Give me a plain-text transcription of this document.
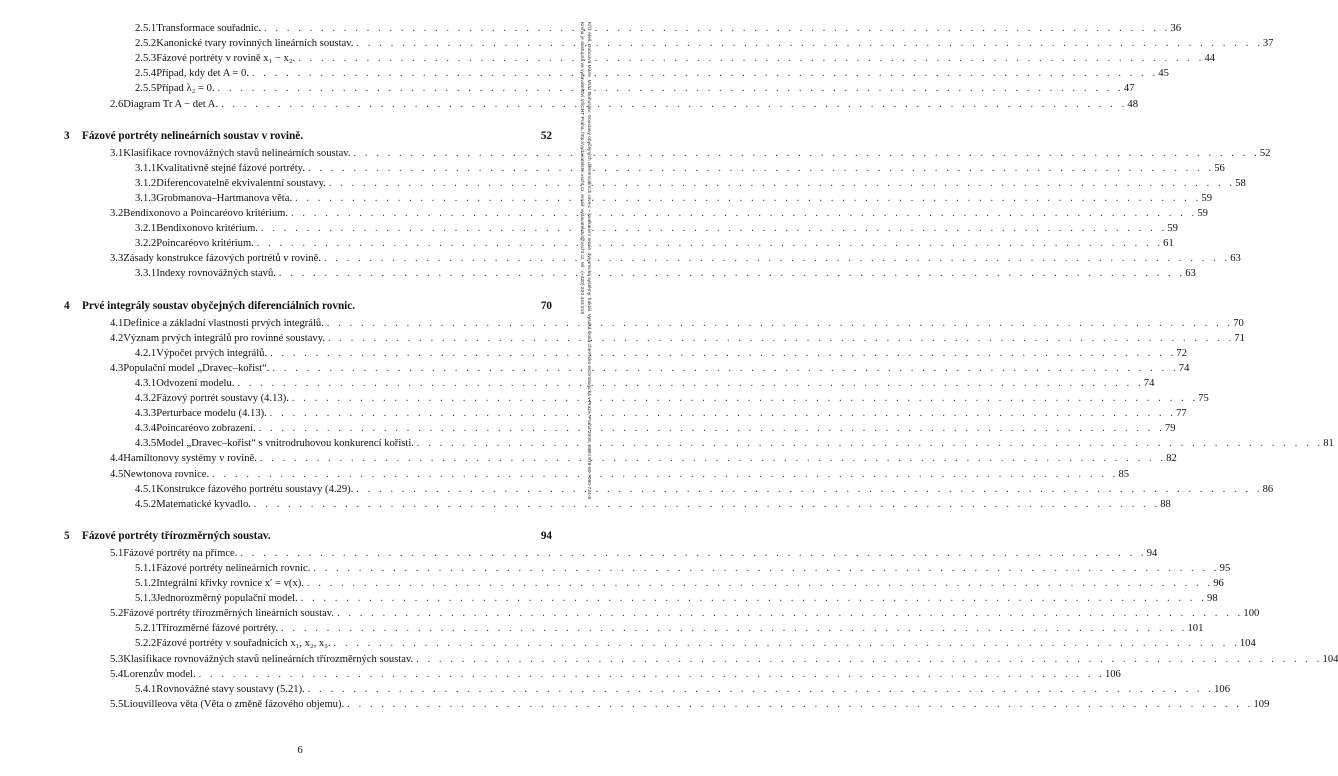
2.5.1 Transformace souřadnic. . . . . . . . . . . . . . . . . . . . . . . . . . . . . . . . . . . . . . . . . . . . . . . . . . . . . . . . . . . . . . . . . . . . . . . . . . . . . . . . . 36
2.5.2 Kanonické tvary rovinných lineárních soustav. . . . . . . . . . . . . . . . . . . . . . . . . . . . . . . . . . . . . . . . . . . . . . . . . . . . . . . . . . . . . . . . . . . . . . . . . . . . . . . . . 37
2.5.3 Fázové portréty v rovině x₁ − x₂. . . . . . . . . . . . . . . . . . . . . . . . . . . . . . . . . . . . . . . . . . . . . . . . . . . . . . . . . . . . . . . . . . . . . . . . . . . . . . . . . 44
2.5.4 Případ, kdy det A = 0. . . . . . . . . . . . . . . . . . . . . . . . . . . . . . . . . . . . . . . . . . . . . . . . . . . . . . . . . . . . . . . . . . . . . . . . . . . . . . . . . 45
2.5.5 Případ λ₂ = 0. . . . . . . . . . . . . . . . . . . . . . . . . . . . . . . . . . . . . . . . . . . . . . . . . . . . . . . . . . . . . . . . . . . . . . . . . . . . . . . . . 47
2.6 Diagram Tr A − det A. . . . . . . . . . . . . . . . . . . . . . . . . . . . . . . . . . . . . . . . . . . . . . . . . . . . . . . . . . . . . . . . . . . . . . . . . . . . . . . . . 48
3	Fázové portréty nelineárních soustav v rovině.	52
3.1 Klasifikace rovnovážných stavů nelineárních soustav. . . . . . . . . . . . . . . . . . . . . . . . . . . . . . . . . . . . . . . . . . . . . . . . . . . . . . . . . . . . . . . . . . . . . . . . . . . . . . . . . 52
3.1.1 Kvalitativně stejné fázové portréty. . . . . . . . . . . . . . . . . . . . . . . . . . . . . . . . . . . . . . . . . . . . . . . . . . . . . . . . . . . . . . . . . . . . . . . . . . . . . . . . . 56
3.1.2 Diferencovatelně ekvivalentní soustavy. . . . . . . . . . . . . . . . . . . . . . . . . . . . . . . . . . . . . . . . . . . . . . . . . . . . . . . . . . . . . . . . . . . . . . . . . . . . . . . . . 58
3.1.3 Grobmanova–Hartmanova věta. . . . . . . . . . . . . . . . . . . . . . . . . . . . . . . . . . . . . . . . . . . . . . . . . . . . . . . . . . . . . . . . . . . . . . . . . . . . . . . . . 59
3.2 Bendixonovo a Poincaréovo kritérium. . . . . . . . . . . . . . . . . . . . . . . . . . . . . . . . . . . . . . . . . . . . . . . . . . . . . . . . . . . . . . . . . . . . . . . . . . . . . . . . . 59
3.2.1 Bendixonovo kritérium. . . . . . . . . . . . . . . . . . . . . . . . . . . . . . . . . . . . . . . . . . . . . . . . . . . . . . . . . . . . . . . . . . . . . . . . . . . . . . . . . 59
3.2.2 Poincaréovo kritérium. . . . . . . . . . . . . . . . . . . . . . . . . . . . . . . . . . . . . . . . . . . . . . . . . . . . . . . . . . . . . . . . . . . . . . . . . . . . . . . . . 61
3.3 Zásady konstrukce fázových portrétů v rovině. . . . . . . . . . . . . . . . . . . . . . . . . . . . . . . . . . . . . . . . . . . . . . . . . . . . . . . . . . . . . . . . . . . . . . . . . . . . . . . . . 63
3.3.1 Indexy rovnovážných stavů. . . . . . . . . . . . . . . . . . . . . . . . . . . . . . . . . . . . . . . . . . . . . . . . . . . . . . . . . . . . . . . . . . . . . . . . . . . . . . . . . 63
4	Prvé integrály soustav obyčejných diferenciálních rovnic.	70
4.1 Definice a základní vlastnosti prvých integrálů. . . . . . . . . . . . . . . . . . . . . . . . . . . . . . . . . . . . . . . . . . . . . . . . . . . . . . . . . . . . . . . . . . . . . . . . . . . . . . . . . 70
4.2 Význam prvých integrálů pro rovinné soustavy. . . . . . . . . . . . . . . . . . . . . . . . . . . . . . . . . . . . . . . . . . . . . . . . . . . . . . . . . . . . . . . . . . . . . . . . . . . . . . . . . 71
4.2.1 Výpočet prvých integrálů. . . . . . . . . . . . . . . . . . . . . . . . . . . . . . . . . . . . . . . . . . . . . . . . . . . . . . . . . . . . . . . . . . . . . . . . . . . . . . . . . 72
4.3 Populační model „Dravec–kořist“. . . . . . . . . . . . . . . . . . . . . . . . . . . . . . . . . . . . . . . . . . . . . . . . . . . . . . . . . . . . . . . . . . . . . . . . . . . . . . . . . 74
4.3.1 Odvození modelu. . . . . . . . . . . . . . . . . . . . . . . . . . . . . . . . . . . . . . . . . . . . . . . . . . . . . . . . . . . . . . . . . . . . . . . . . . . . . . . . . 74
4.3.2 Fázový portrét soustavy (4.13). . . . . . . . . . . . . . . . . . . . . . . . . . . . . . . . . . . . . . . . . . . . . . . . . . . . . . . . . . . . . . . . . . . . . . . . . . . . . . . . . 75
4.3.3 Perturbace modelu (4.13). . . . . . . . . . . . . . . . . . . . . . . . . . . . . . . . . . . . . . . . . . . . . . . . . . . . . . . . . . . . . . . . . . . . . . . . . . . . . . . . . 77
4.3.4 Poincaréovo zobrazení. . . . . . . . . . . . . . . . . . . . . . . . . . . . . . . . . . . . . . . . . . . . . . . . . . . . . . . . . . . . . . . . . . . . . . . . . . . . . . . . . 79
4.3.5 Model „Dravec–kořist“ s vnitrodruhovou konkurencí kořisti. . . . . . . . . . . . . . . . . . . . . . . . . . . . . . . . . . . . . . . . . . . . . . . . . . . . . . . . . . . . . . . . . . . . . . . . . . . . . . . . . 81
4.4 Hamiltonovy systémy v rovině. . . . . . . . . . . . . . . . . . . . . . . . . . . . . . . . . . . . . . . . . . . . . . . . . . . . . . . . . . . . . . . . . . . . . . . . . . . . . . . . . 82
4.5 Newtonova rovnice. . . . . . . . . . . . . . . . . . . . . . . . . . . . . . . . . . . . . . . . . . . . . . . . . . . . . . . . . . . . . . . . . . . . . . . . . . . . . . . . . 85
4.5.1 Konstrukce fázového portrétu soustavy (4.29). . . . . . . . . . . . . . . . . . . . . . . . . . . . . . . . . . . . . . . . . . . . . . . . . . . . . . . . . . . . . . . . . . . . . . . . . . . . . . . . . 86
4.5.2 Matematické kyvadlo. . . . . . . . . . . . . . . . . . . . . . . . . . . . . . . . . . . . . . . . . . . . . . . . . . . . . . . . . . . . . . . . . . . . . . . . . . . . . . . . . 88
5	Fázové portréty třírozměrných soustav.	94
5.1 Fázové portréty na přímce. . . . . . . . . . . . . . . . . . . . . . . . . . . . . . . . . . . . . . . . . . . . . . . . . . . . . . . . . . . . . . . . . . . . . . . . . . . . . . . . . 94
5.1.1 Fázové portréty nelineárních rovnic. . . . . . . . . . . . . . . . . . . . . . . . . . . . . . . . . . . . . . . . . . . . . . . . . . . . . . . . . . . . . . . . . . . . . . . . . . . . . . . . . 95
5.1.2 Integrální křivky rovnice x′ = v(x). . . . . . . . . . . . . . . . . . . . . . . . . . . . . . . . . . . . . . . . . . . . . . . . . . . . . . . . . . . . . . . . . . . . . . . . . . . . . . . . . 96
5.1.3 Jednorozměrný populační model. . . . . . . . . . . . . . . . . . . . . . . . . . . . . . . . . . . . . . . . . . . . . . . . . . . . . . . . . . . . . . . . . . . . . . . . . . . . . . . . . 98
5.2 Fázové portréty třírozměrných lineárních soustav. . . . . . . . . . . . . . . . . . . . . . . . . . . . . . . . . . . . . . . . . . . . . . . . . . . . . . . . . . . . . . . . . . . . . . . . . . . . . . . . . 100
5.2.1 Třírozměrné fázové portréty. . . . . . . . . . . . . . . . . . . . . . . . . . . . . . . . . . . . . . . . . . . . . . . . . . . . . . . . . . . . . . . . . . . . . . . . . . . . . . . . . 101
5.2.2 Fázové portréty v souřadnicích x₁, x₂, x₃. . . . . . . . . . . . . . . . . . . . . . . . . . . . . . . . . . . . . . . . . . . . . . . . . . . . . . . . . . . . . . . . . . . . . . . . . . . . . . . . . 104
5.3 Klasifikace rovnovážných stavů nelineárních třírozměrných soustav. . . . . . . . . . . . . . . . . . . . . . . . . . . . . . . . . . . . . . . . . . . . . . . . . . . . . . . . . . . . . . . . . . . . . . . . . . . . . . . . . 104
5.4 Lorenzův model. . . . . . . . . . . . . . . . . . . . . . . . . . . . . . . . . . . . . . . . . . . . . . . . . . . . . . . . . . . . . . . . . . . . . . . . . . . . . . . . . 106
5.4.1 Rovnovážné stavy soustavy (5.21). . . . . . . . . . . . . . . . . . . . . . . . . . . . . . . . . . . . . . . . . . . . . . . . . . . . . . . . . . . . . . . . . . . . . . . . . . . . . . . . . 106
5.5 Liouvilleova věta (Věta o změně fázového objemu). . . . . . . . . . . . . . . . . . . . . . . . . . . . . . . . . . . . . . . . . . . . . . . . . . . . . . . . . . . . . . . . . . . . . . . . . . . . . . . . . 109
6
Kříž Aleš, Dubcová Marie, Mráz Bohuslav: Soustavy obyčejných diferenciálních rovnic – kvalitativní teorie, dynamické systémy, fraktál. Vysoká škola chemicko-technologická v Praze, Praha 2009, ISBN 978-80-7080-724-8
Kniha je dostupná ve vydavatelství VŠCHT Praha, http://vydavatelstvi.vscht.cz, email: vydavatelstvi@vscht.cz, tel.: (+420) 220 443 218
